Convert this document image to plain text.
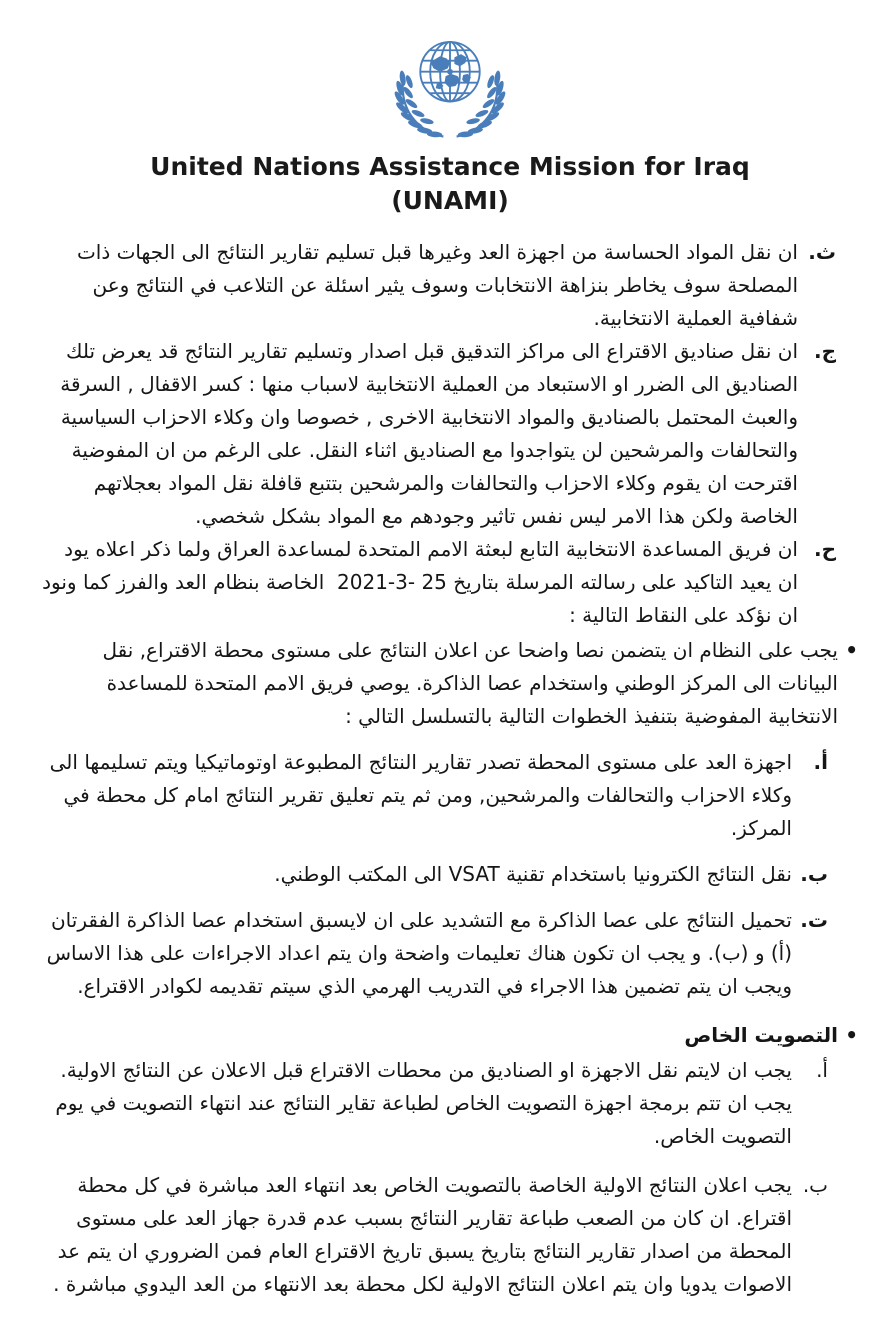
United Nations Assistance Mission for Iraq
(UNAMI)
ث.
ان نقل المواد الحساسة من اجهزة العد وغيرها قبل تسليم تقارير النتائج الى الجهات ذات المصلحة سوف يخاطر بنزاهة الانتخابات وسوف يثير اسئلة عن التلاعب في النتائج وعن شفافية العملية الانتخابية.
ج.
ان نقل صناديق الاقتراع الى مراكز التدقيق قبل اصدار وتسليم تقارير النتائج قد يعرض تلك الصناديق الى الضرر او الاستبعاد من العملية الانتخابية لاسباب منها : كسر الاقفال , السرقة والعبث المحتمل بالصناديق والمواد الانتخابية الاخرى , خصوصا وان وكلاء الاحزاب السياسية والتحالفات والمرشحين لن يتواجدوا مع الصناديق اثناء النقل. على الرغم من ان المفوضية اقترحت ان يقوم وكلاء الاحزاب والتحالفات والمرشحين بتتبع قافلة نقل المواد بعجلاتهم الخاصة ولكن هذا الامر ليس نفس تاثير وجودهم مع المواد بشكل شخصي.
ح.
ان فريق المساعدة الانتخابية التابع لبعثة الامم المتحدة لمساعدة العراق ولما ذكر اعلاه يود ان يعيد التاكيد على رسالته المرسلة بتاريخ ‭2021-3- 25‬  الخاصة بنظام العد والفرز كما ونود ان نؤكد على النقاط التالية :
•
يجب على النظام ان يتضمن نصا واضحا عن اعلان النتائج على مستوى محطة الاقتراع, نقل البيانات الى المركز الوطني واستخدام عصا الذاكرة. يوصي فريق الامم المتحدة للمساعدة الانتخابية المفوضية بتنفيذ الخطوات التالية بالتسلسل التالي :
أ.
اجهزة العد على مستوى المحطة تصدر تقارير النتائج المطبوعة اوتوماتيكيا ويتم تسليمها الى وكلاء الاحزاب والتحالفات والمرشحين, ومن ثم يتم تعليق تقرير النتائج امام كل محطة في المركز.
ب.
نقل النتائج الكترونيا باستخدام تقنية VSAT الى المكتب الوطني.
ت.
تحميل النتائج على عصا الذاكرة مع التشديد على ان لايسبق استخدام عصا الذاكرة الفقرتان (أ) و (ب). و يجب ان تكون هناك تعليمات واضحة وان يتم اعداد الاجراءات على هذا الاساس ويجب ان يتم تضمين هذا الاجراء في التدريب الهرمي الذي سيتم تقديمه لكوادر الاقتراع.
•
التصويت الخاص
أ.
يجب ان لايتم نقل الاجهزة او الصناديق من محطات الاقتراع قبل الاعلان عن النتائج الاولية. يجب ان تتم برمجة اجهزة التصويت الخاص لطباعة تقاير النتائج عند انتهاء التصويت في يوم التصويت الخاص.
ب.
يجب اعلان النتائج الاولية الخاصة بالتصويت الخاص بعد انتهاء العد مباشرة في كل محطة اقتراع. ان كان من الصعب طباعة تقارير النتائج بسبب عدم قدرة جهاز العد على مستوى المحطة من اصدار تقارير النتائج بتاريخ يسبق تاريخ الاقتراع العام فمن الضروري ان يتم عد الاصوات يدويا وان يتم اعلان النتائج الاولية لكل محطة بعد الانتهاء من العد اليدوي مباشرة .
